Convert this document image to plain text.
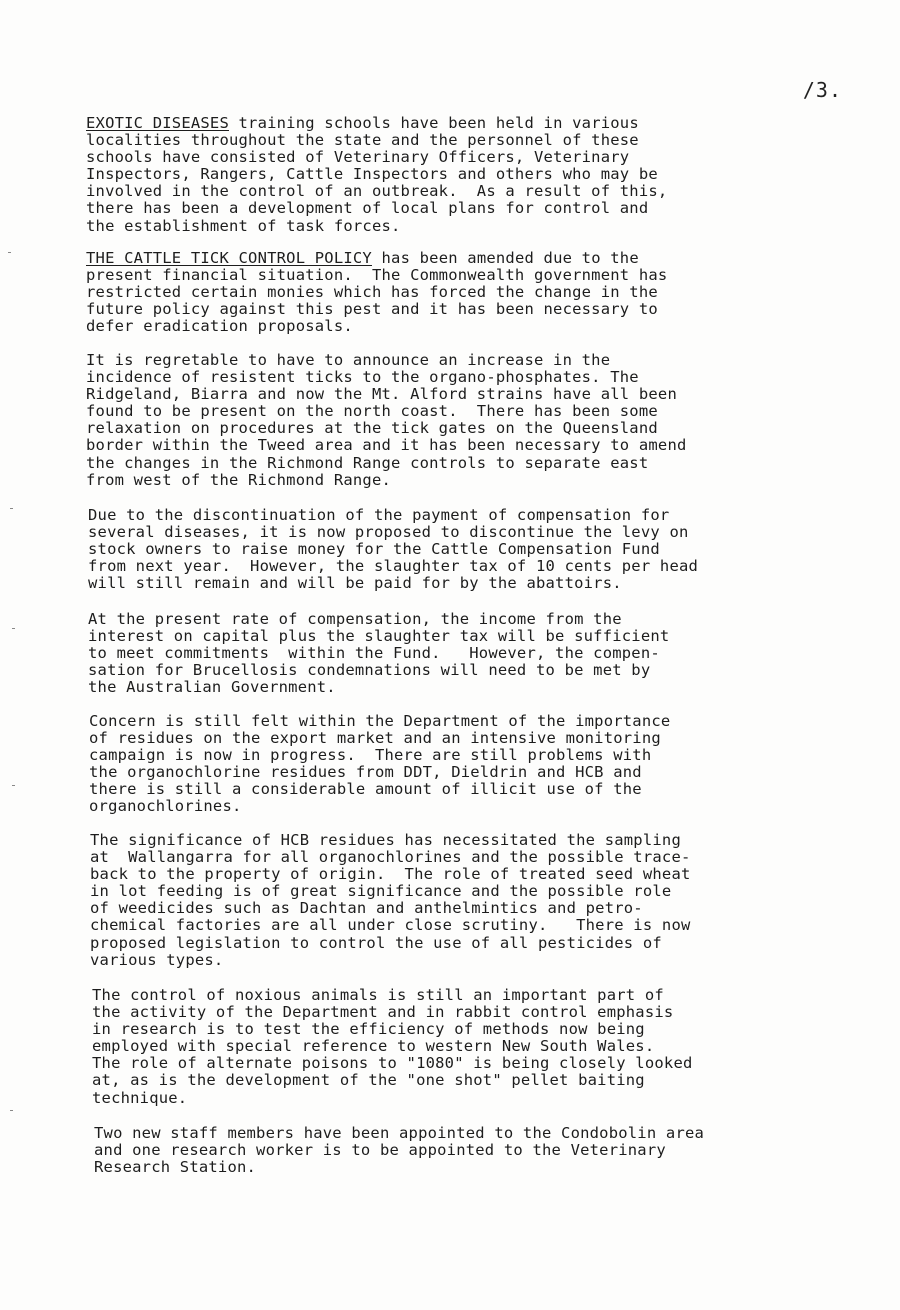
/3.
EXOTIC DISEASES training schools have been held in various
localities throughout the state and the personnel of these
schools have consisted of Veterinary Officers, Veterinary
Inspectors, Rangers, Cattle Inspectors and others who may be
involved in the control of an outbreak.  As a result of this,
there has been a development of local plans for control and
the establishment of task forces.
THE CATTLE TICK CONTROL POLICY has been amended due to the
present financial situation.  The Commonwealth government has
restricted certain monies which has forced the change in the
future policy against this pest and it has been necessary to
defer eradication proposals.
It is regretable to have to announce an increase in the
incidence of resistent ticks to the organo-phosphates. The
Ridgeland, Biarra and now the Mt. Alford strains have all been
found to be present on the north coast.  There has been some
relaxation on procedures at the tick gates on the Queensland
border within the Tweed area and it has been necessary to amend
the changes in the Richmond Range controls to separate east
from west of the Richmond Range.
Due to the discontinuation of the payment of compensation for
several diseases, it is now proposed to discontinue the levy on
stock owners to raise money for the Cattle Compensation Fund
from next year.  However, the slaughter tax of 10 cents per head
will still remain and will be paid for by the abattoirs.
At the present rate of compensation, the income from the
interest on capital plus the slaughter tax will be sufficient
to meet commitments  within the Fund.   However, the compen-
sation for Brucellosis condemnations will need to be met by
the Australian Government.
Concern is still felt within the Department of the importance
of residues on the export market and an intensive monitoring
campaign is now in progress.  There are still problems with
the organochlorine residues from DDT, Dieldrin and HCB and
there is still a considerable amount of illicit use of the
organochlorines.
The significance of HCB residues has necessitated the sampling
at  Wallangarra for all organochlorines and the possible trace-
back to the property of origin.  The role of treated seed wheat
in lot feeding is of great significance and the possible role
of weedicides such as Dachtan and anthelmintics and petro-
chemical factories are all under close scrutiny.   There is now
proposed legislation to control the use of all pesticides of
various types.
The control of noxious animals is still an important part of
the activity of the Department and in rabbit control emphasis
in research is to test the efficiency of methods now being
employed with special reference to western New South Wales.
The role of alternate poisons to "1080" is being closely looked
at, as is the development of the "one shot" pellet baiting
technique.
Two new staff members have been appointed to the Condobolin area
and one research worker is to be appointed to the Veterinary
Research Station.
